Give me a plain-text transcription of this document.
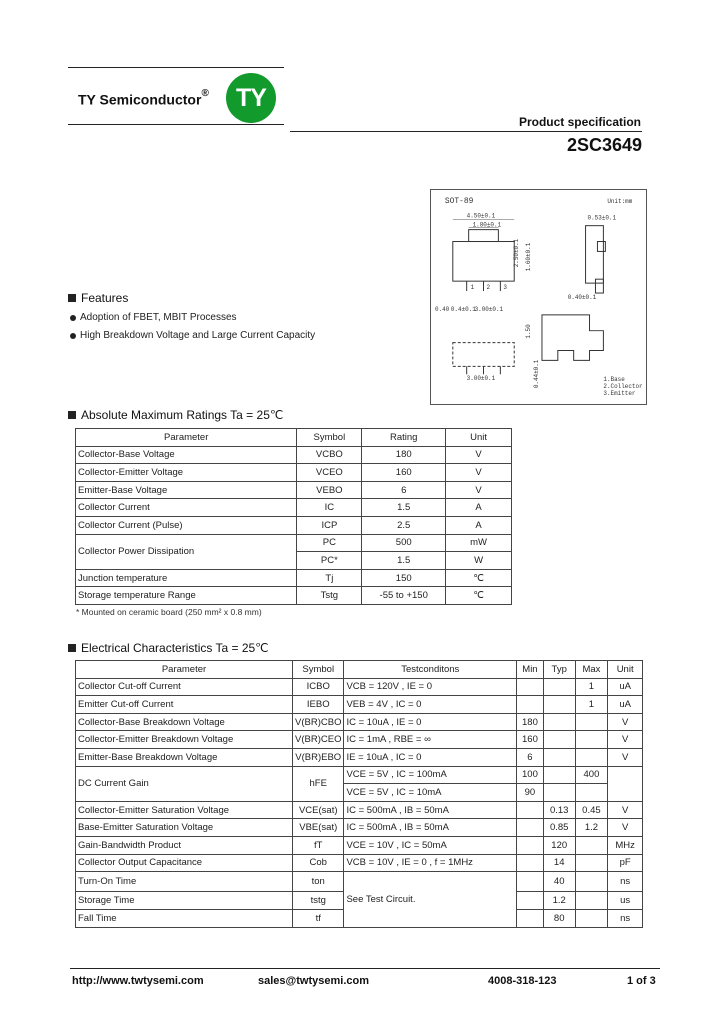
TY Semiconductor®	TY
Product specification
2SC3649
SOT-89	Unit:mm
4.50±0.1
1.80±0.1
1 2 3
0.40 0.4±0.1
3.00±0.1
2.50±0.1 1.60±0.1
0.53±0.1
0.40±0.1
1.50
3.00±0.1	0.44±0.1	1.Base
2.Collector
3.Emitter
Features
Adoption of FBET, MBIT Processes
High Breakdown Voltage and Large Current Capacity
Absolute Maximum Ratings Ta = 25℃
Parameter	Symbol	Rating	Unit
Collector-Base Voltage	VCBO	180	V
Collector-Emitter Voltage	VCEO	160	V
Emitter-Base Voltage	VEBO	6	V
Collector Current	IC	1.5	A
Collector Current (Pulse)	ICP	2.5	A
Collector Power Dissipation	PC	500	mW
	PC*	1.5	W
Junction temperature	Tj	150	℃
Storage temperature Range	Tstg	-55 to +150	℃
* Mounted on ceramic board (250 mm² x 0.8 mm)
Electrical Characteristics Ta = 25℃
Parameter	Symbol	Testconditons	Min	Typ	Max	Unit
Collector Cut-off Current	ICBO	VCB = 120V , IE = 0			1	uA
Emitter Cut-off Current	IEBO	VEB = 4V , IC = 0			1	uA
Collector-Base Breakdown Voltage	V(BR)CBO	IC = 10uA , IE = 0	180			V
Collector-Emitter Breakdown Voltage	V(BR)CEO	IC = 1mA , RBE = ∞	160			V
Emitter-Base Breakdown Voltage	V(BR)EBO	IE = 10uA , IC = 0	6			V
DC Current Gain	hFE	VCE = 5V , IC = 100mA	100		400	
		VCE = 5V , IC = 10mA	90			
Collector-Emitter Saturation Voltage	VCE(sat)	IC = 500mA , IB = 50mA		0.13	0.45	V
Base-Emitter Saturation Voltage	VBE(sat)	IC = 500mA , IB = 50mA		0.85	1.2	V
Gain-Bandwidth Product	fT	VCE = 10V , IC = 50mA		120		MHz
Collector Output Capacitance	Cob	VCB = 10V , IE = 0 , f = 1MHz		14		pF
Turn-On Time	ton	See Test Circuit.		40		ns
Storage Time	tstg			1.2		us
Fall Time	tf			80		ns
http://www.twtysemi.com	sales@twtysemi.com	4008-318-123	1 of 3
